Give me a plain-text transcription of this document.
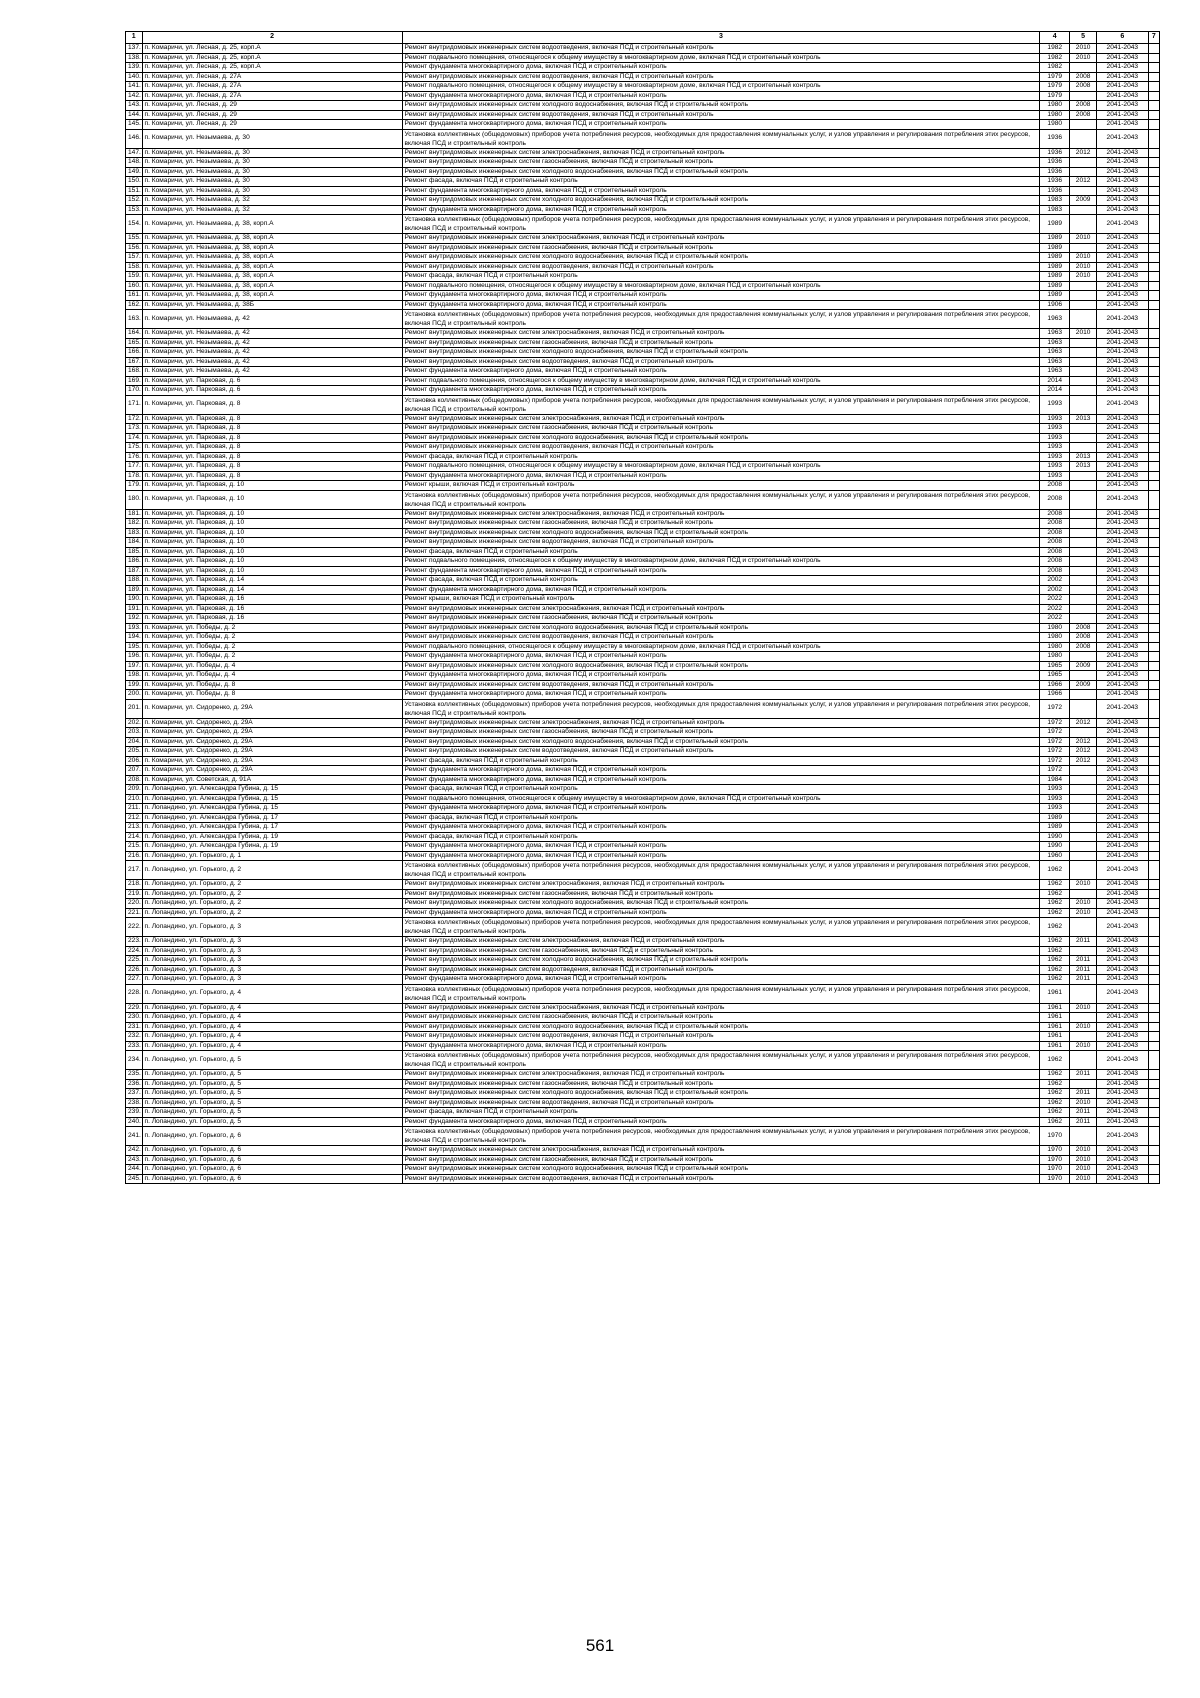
1	2	3	4	5	6	7
137.	п. Комаричи, ул. Лесная, д. 25, корп.А	Ремонт внутридомовых инженерных систем водоотведения, включая ПСД и строительный контроль	1982	2010	2041-2043	
138.	п. Комаричи, ул. Лесная, д. 25, корп.А	Ремонт подвального помещения, относящегося к общему имуществу в многоквартирном доме, включая ПСД и строительный контроль	1982	2010	2041-2043	
139.	п. Комаричи, ул. Лесная, д. 25, корп.А	Ремонт фундамента многоквартирного дома, включая ПСД и строительный контроль	1982		2041-2043	
140.	п. Комаричи, ул. Лесная, д. 27А	Ремонт внутридомовых инженерных систем водоотведения, включая ПСД и строительный контроль	1979	2008	2041-2043	
141.	п. Комаричи, ул. Лесная, д. 27А	Ремонт подвального помещения, относящегося к общему имуществу в многоквартирном доме, включая ПСД и строительный контроль	1979	2008	2041-2043	
142.	п. Комаричи, ул. Лесная, д. 27А	Ремонт фундамента многоквартирного дома, включая ПСД и строительный контроль	1979		2041-2043	
143.	п. Комаричи, ул. Лесная, д. 29	Ремонт внутридомовых инженерных систем холодного водоснабжения, включая ПСД и строительный контроль	1980	2008	2041-2043	
144.	п. Комаричи, ул. Лесная, д. 29	Ремонт внутридомовых инженерных систем водоотведения, включая ПСД и строительный контроль	1980	2008	2041-2043	
145.	п. Комаричи, ул. Лесная, д. 29	Ремонт фундамента многоквартирного дома, включая ПСД и строительный контроль	1980		2041-2043	
146.	п. Комаричи, ул. Незымаева, д. 30	Установка коллективных (общедомовых) приборов учета потребления ресурсов, необходимых для предоставления коммунальных услуг, и узлов управления и регулирования потребления этих ресурсов, включая ПСД и строительный контроль	1936		2041-2043	
147.	п. Комаричи, ул. Незымаева, д. 30	Ремонт внутридомовых инженерных систем электроснабжения, включая ПСД и строительный контроль	1936	2012	2041-2043	
148.	п. Комаричи, ул. Незымаева, д. 30	Ремонт внутридомовых инженерных систем газоснабжения, включая ПСД и строительный контроль	1936		2041-2043	
149.	п. Комаричи, ул. Незымаева, д. 30	Ремонт внутридомовых инженерных систем холодного водоснабжения, включая ПСД и строительный контроль	1936		2041-2043	
150.	п. Комаричи, ул. Незымаева, д. 30	Ремонт фасада, включая ПСД и строительный контроль	1936	2012	2041-2043	
151.	п. Комаричи, ул. Незымаева, д. 30	Ремонт фундамента многоквартирного дома, включая ПСД и строительный контроль	1936		2041-2043	
152.	п. Комаричи, ул. Незымаева, д. 32	Ремонт внутридомовых инженерных систем холодного водоснабжения, включая ПСД и строительный контроль	1983	2009	2041-2043	
153.	п. Комаричи, ул. Незымаева, д. 32	Ремонт фундамента многоквартирного дома, включая ПСД и строительный контроль	1983		2041-2043	
154.	п. Комаричи, ул. Незымаева, д. 38, корп.А	Установка коллективных (общедомовых) приборов учета потребления ресурсов, необходимых для предоставления коммунальных услуг, и узлов управления и регулирования потребления этих ресурсов, включая ПСД и строительный контроль	1989		2041-2043	
155.	п. Комаричи, ул. Незымаева, д. 38, корп.А	Ремонт внутридомовых инженерных систем электроснабжения, включая ПСД и строительный контроль	1989	2010	2041-2043	
156.	п. Комаричи, ул. Незымаева, д. 38, корп.А	Ремонт внутридомовых инженерных систем газоснабжения, включая ПСД и строительный контроль	1989		2041-2043	
157.	п. Комаричи, ул. Незымаева, д. 38, корп.А	Ремонт внутридомовых инженерных систем холодного водоснабжения, включая ПСД и строительный контроль	1989	2010	2041-2043	
158.	п. Комаричи, ул. Незымаева, д. 38, корп.А	Ремонт внутридомовых инженерных систем водоотведения, включая ПСД и строительный контроль	1989	2010	2041-2043	
159.	п. Комаричи, ул. Незымаева, д. 38, корп.А	Ремонт фасада, включая ПСД и строительный контроль	1989	2010	2041-2043	
160.	п. Комаричи, ул. Незымаева, д. 38, корп.А	Ремонт подвального помещения, относящегося к общему имуществу в многоквартирном доме, включая ПСД и строительный контроль	1989		2041-2043	
161.	п. Комаричи, ул. Незымаева, д. 38, корп.А	Ремонт фундамента многоквартирного дома, включая ПСД и строительный контроль	1989		2041-2043	
162.	п. Комаричи, ул. Незымаева, д. 38Б	Ремонт фундамента многоквартирного дома, включая ПСД и строительный контроль	1906		2041-2043	
163.	п. Комаричи, ул. Незымаева, д. 42	Установка коллективных (общедомовых) приборов учета потребления ресурсов, необходимых для предоставления коммунальных услуг, и узлов управления и регулирования потребления этих ресурсов, включая ПСД и строительный контроль	1963		2041-2043	
164.	п. Комаричи, ул. Незымаева, д. 42	Ремонт внутридомовых инженерных систем электроснабжения, включая ПСД и строительный контроль	1963	2010	2041-2043	
165.	п. Комаричи, ул. Незымаева, д. 42	Ремонт внутридомовых инженерных систем газоснабжения, включая ПСД и строительный контроль	1963		2041-2043	
166.	п. Комаричи, ул. Незымаева, д. 42	Ремонт внутридомовых инженерных систем холодного водоснабжения, включая ПСД и строительный контроль	1963		2041-2043	
167.	п. Комаричи, ул. Незымаева, д. 42	Ремонт внутридомовых инженерных систем водоотведения, включая ПСД и строительный контроль	1963		2041-2043	
168.	п. Комаричи, ул. Незымаева, д. 42	Ремонт фундамента многоквартирного дома, включая ПСД и строительный контроль	1963		2041-2043	
169.	п. Комаричи, ул. Парковая, д. 6	Ремонт подвального помещения, относящегося к общему имуществу в многоквартирном доме, включая ПСД и строительный контроль	2014		2041-2043	
170.	п. Комаричи, ул. Парковая, д. 6	Ремонт фундамента многоквартирного дома, включая ПСД и строительный контроль	2014		2041-2043	
171.	п. Комаричи, ул. Парковая, д. 8	Установка коллективных (общедомовых) приборов учета потребления ресурсов, необходимых для предоставления коммунальных услуг, и узлов управления и регулирования потребления этих ресурсов, включая ПСД и строительный контроль	1993		2041-2043	
172.	п. Комаричи, ул. Парковая, д. 8	Ремонт внутридомовых инженерных систем электроснабжения, включая ПСД и строительный контроль	1993	2013	2041-2043	
173.	п. Комаричи, ул. Парковая, д. 8	Ремонт внутридомовых инженерных систем газоснабжения, включая ПСД и строительный контроль	1993		2041-2043	
174.	п. Комаричи, ул. Парковая, д. 8	Ремонт внутридомовых инженерных систем холодного водоснабжения, включая ПСД и строительный контроль	1993		2041-2043	
175.	п. Комаричи, ул. Парковая, д. 8	Ремонт внутридомовых инженерных систем водоотведения, включая ПСД и строительный контроль	1993		2041-2043	
176.	п. Комаричи, ул. Парковая, д. 8	Ремонт фасада, включая ПСД и строительный контроль	1993	2013	2041-2043	
177.	п. Комаричи, ул. Парковая, д. 8	Ремонт подвального помещения, относящегося к общему имуществу в многоквартирном доме, включая ПСД и строительный контроль	1993	2013	2041-2043	
178.	п. Комаричи, ул. Парковая, д. 8	Ремонт фундамента многоквартирного дома, включая ПСД и строительный контроль	1993		2041-2043	
179.	п. Комаричи, ул. Парковая, д. 10	Ремонт крыши, включая ПСД и строительный контроль	2008		2041-2043	
180.	п. Комаричи, ул. Парковая, д. 10	Установка коллективных (общедомовых) приборов учета потребления ресурсов, необходимых для предоставления коммунальных услуг, и узлов управления и регулирования потребления этих ресурсов, включая ПСД и строительный контроль	2008		2041-2043	
181.	п. Комаричи, ул. Парковая, д. 10	Ремонт внутридомовых инженерных систем электроснабжения, включая ПСД и строительный контроль	2008		2041-2043	
182.	п. Комаричи, ул. Парковая, д. 10	Ремонт внутридомовых инженерных систем газоснабжения, включая ПСД и строительный контроль	2008		2041-2043	
183.	п. Комаричи, ул. Парковая, д. 10	Ремонт внутридомовых инженерных систем холодного водоснабжения, включая ПСД и строительный контроль	2008		2041-2043	
184.	п. Комаричи, ул. Парковая, д. 10	Ремонт внутридомовых инженерных систем водоотведения, включая ПСД и строительный контроль	2008		2041-2043	
185.	п. Комаричи, ул. Парковая, д. 10	Ремонт фасада, включая ПСД и строительный контроль	2008		2041-2043	
186.	п. Комаричи, ул. Парковая, д. 10	Ремонт подвального помещения, относящегося к общему имуществу в многоквартирном доме, включая ПСД и строительный контроль	2008		2041-2043	
187.	п. Комаричи, ул. Парковая, д. 10	Ремонт фундамента многоквартирного дома, включая ПСД и строительный контроль	2008		2041-2043	
188.	п. Комаричи, ул. Парковая, д. 14	Ремонт фасада, включая ПСД и строительный контроль	2002		2041-2043	
189.	п. Комаричи, ул. Парковая, д. 14	Ремонт фундамента многоквартирного дома, включая ПСД и строительный контроль	2002		2041-2043	
190.	п. Комаричи, ул. Парковая, д. 16	Ремонт крыши, включая ПСД и строительный контроль	2022		2041-2043	
191.	п. Комаричи, ул. Парковая, д. 16	Ремонт внутридомовых инженерных систем электроснабжения, включая ПСД и строительный контроль	2022		2041-2043	
192.	п. Комаричи, ул. Парковая, д. 16	Ремонт внутридомовых инженерных систем газоснабжения, включая ПСД и строительный контроль	2022		2041-2043	
193.	п. Комаричи, ул. Победы, д. 2	Ремонт внутридомовых инженерных систем холодного водоснабжения, включая ПСД и строительный контроль	1980	2008	2041-2043	
194.	п. Комаричи, ул. Победы, д. 2	Ремонт внутридомовых инженерных систем водоотведения, включая ПСД и строительный контроль	1980	2008	2041-2043	
195.	п. Комаричи, ул. Победы, д. 2	Ремонт подвального помещения, относящегося к общему имуществу в многоквартирном доме, включая ПСД и строительный контроль	1980	2008	2041-2043	
196.	п. Комаричи, ул. Победы, д. 2	Ремонт фундамента многоквартирного дома, включая ПСД и строительный контроль	1980		2041-2043	
197.	п. Комаричи, ул. Победы, д. 4	Ремонт внутридомовых инженерных систем холодного водоснабжения, включая ПСД и строительный контроль	1965	2009	2041-2043	
198.	п. Комаричи, ул. Победы, д. 4	Ремонт фундамента многоквартирного дома, включая ПСД и строительный контроль	1965		2041-2043	
199.	п. Комаричи, ул. Победы, д. 8	Ремонт внутридомовых инженерных систем водоотведения, включая ПСД и строительный контроль	1966	2009	2041-2043	
200.	п. Комаричи, ул. Победы, д. 8	Ремонт фундамента многоквартирного дома, включая ПСД и строительный контроль	1966		2041-2043	
201.	п. Комаричи, ул. Сидоренко, д. 29А	Установка коллективных (общедомовых) приборов учета потребления ресурсов, необходимых для предоставления коммунальных услуг, и узлов управления и регулирования потребления этих ресурсов, включая ПСД и строительный контроль	1972		2041-2043	
202.	п. Комаричи, ул. Сидоренко, д. 29А	Ремонт внутридомовых инженерных систем электроснабжения, включая ПСД и строительный контроль	1972	2012	2041-2043	
203.	п. Комаричи, ул. Сидоренко, д. 29А	Ремонт внутридомовых инженерных систем газоснабжения, включая ПСД и строительный контроль	1972		2041-2043	
204.	п. Комаричи, ул. Сидоренко, д. 29А	Ремонт внутридомовых инженерных систем холодного водоснабжения, включая ПСД и строительный контроль	1972	2012	2041-2043	
205.	п. Комаричи, ул. Сидоренко, д. 29А	Ремонт внутридомовых инженерных систем водоотведения, включая ПСД и строительный контроль	1972	2012	2041-2043	
206.	п. Комаричи, ул. Сидоренко, д. 29А	Ремонт фасада, включая ПСД и строительный контроль	1972	2012	2041-2043	
207.	п. Комаричи, ул. Сидоренко, д. 29А	Ремонт фундамента многоквартирного дома, включая ПСД и строительный контроль	1972		2041-2043	
208.	п. Комаричи, ул. Советская, д. 91А	Ремонт фундамента многоквартирного дома, включая ПСД и строительный контроль	1984		2041-2043	
209.	п. Лопандино, ул. Александра Губина, д. 15	Ремонт фасада, включая ПСД и строительный контроль	1993		2041-2043	
210.	п. Лопандино, ул. Александра Губина, д. 15	Ремонт подвального помещения, относящегося к общему имуществу в многоквартирном доме, включая ПСД и строительный контроль	1993		2041-2043	
211.	п. Лопандино, ул. Александра Губина, д. 15	Ремонт фундамента многоквартирного дома, включая ПСД и строительный контроль	1993		2041-2043	
212.	п. Лопандино, ул. Александра Губина, д. 17	Ремонт фасада, включая ПСД и строительный контроль	1989		2041-2043	
213.	п. Лопандино, ул. Александра Губина, д. 17	Ремонт фундамента многоквартирного дома, включая ПСД и строительный контроль	1989		2041-2043	
214.	п. Лопандино, ул. Александра Губина, д. 19	Ремонт фасада, включая ПСД и строительный контроль	1990		2041-2043	
215.	п. Лопандино, ул. Александра Губина, д. 19	Ремонт фундамента многоквартирного дома, включая ПСД и строительный контроль	1990		2041-2043	
216.	п. Лопандино, ул. Горького, д. 1	Ремонт фундамента многоквартирного дома, включая ПСД и строительный контроль	1960		2041-2043	
217.	п. Лопандино, ул. Горького, д. 2	Установка коллективных (общедомовых) приборов учета потребления ресурсов, необходимых для предоставления коммунальных услуг, и узлов управления и регулирования потребления этих ресурсов, включая ПСД и строительный контроль	1962		2041-2043	
218.	п. Лопандино, ул. Горького, д. 2	Ремонт внутридомовых инженерных систем электроснабжения, включая ПСД и строительный контроль	1962	2010	2041-2043	
219.	п. Лопандино, ул. Горького, д. 2	Ремонт внутридомовых инженерных систем газоснабжения, включая ПСД и строительный контроль	1962		2041-2043	
220.	п. Лопандино, ул. Горького, д. 2	Ремонт внутридомовых инженерных систем холодного водоснабжения, включая ПСД и строительный контроль	1962	2010	2041-2043	
221.	п. Лопандино, ул. Горького, д. 2	Ремонт фундамента многоквартирного дома, включая ПСД и строительный контроль	1962	2010	2041-2043	
222.	п. Лопандино, ул. Горького, д. 3	Установка коллективных (общедомовых) приборов учета потребления ресурсов, необходимых для предоставления коммунальных услуг, и узлов управления и регулирования потребления этих ресурсов, включая ПСД и строительный контроль	1962		2041-2043	
223.	п. Лопандино, ул. Горького, д. 3	Ремонт внутридомовых инженерных систем электроснабжения, включая ПСД и строительный контроль	1962	2011	2041-2043	
224.	п. Лопандино, ул. Горького, д. 3	Ремонт внутридомовых инженерных систем газоснабжения, включая ПСД и строительный контроль	1962		2041-2043	
225.	п. Лопандино, ул. Горького, д. 3	Ремонт внутридомовых инженерных систем холодного водоснабжения, включая ПСД и строительный контроль	1962	2011	2041-2043	
226.	п. Лопандино, ул. Горького, д. 3	Ремонт внутридомовых инженерных систем водоотведения, включая ПСД и строительный контроль	1962	2011	2041-2043	
227.	п. Лопандино, ул. Горького, д. 3	Ремонт фундамента многоквартирного дома, включая ПСД и строительный контроль	1962	2011	2041-2043	
228.	п. Лопандино, ул. Горького, д. 4	Установка коллективных (общедомовых) приборов учета потребления ресурсов, необходимых для предоставления коммунальных услуг, и узлов управления и регулирования потребления этих ресурсов, включая ПСД и строительный контроль	1961		2041-2043	
229.	п. Лопандино, ул. Горького, д. 4	Ремонт внутридомовых инженерных систем электроснабжения, включая ПСД и строительный контроль	1961	2010	2041-2043	
230.	п. Лопандино, ул. Горького, д. 4	Ремонт внутридомовых инженерных систем газоснабжения, включая ПСД и строительный контроль	1961		2041-2043	
231.	п. Лопандино, ул. Горького, д. 4	Ремонт внутридомовых инженерных систем холодного водоснабжения, включая ПСД и строительный контроль	1961	2010	2041-2043	
232.	п. Лопандино, ул. Горького, д. 4	Ремонт внутридомовых инженерных систем водоотведения, включая ПСД и строительный контроль	1961		2041-2043	
233.	п. Лопандино, ул. Горького, д. 4	Ремонт фундамента многоквартирного дома, включая ПСД и строительный контроль	1961	2010	2041-2043	
234.	п. Лопандино, ул. Горького, д. 5	Установка коллективных (общедомовых) приборов учета потребления ресурсов, необходимых для предоставления коммунальных услуг, и узлов управления и регулирования потребления этих ресурсов, включая ПСД и строительный контроль	1962		2041-2043	
235.	п. Лопандино, ул. Горького, д. 5	Ремонт внутридомовых инженерных систем электроснабжения, включая ПСД и строительный контроль	1962	2011	2041-2043	
236.	п. Лопандино, ул. Горького, д. 5	Ремонт внутридомовых инженерных систем газоснабжения, включая ПСД и строительный контроль	1962		2041-2043	
237.	п. Лопандино, ул. Горького, д. 5	Ремонт внутридомовых инженерных систем холодного водоснабжения, включая ПСД и строительный контроль	1962	2011	2041-2043	
238.	п. Лопандино, ул. Горького, д. 5	Ремонт внутридомовых инженерных систем водоотведения, включая ПСД и строительный контроль	1962	2010	2041-2043	
239.	п. Лопандино, ул. Горького, д. 5	Ремонт фасада, включая ПСД и строительный контроль	1962	2011	2041-2043	
240.	п. Лопандино, ул. Горького, д. 5	Ремонт фундамента многоквартирного дома, включая ПСД и строительный контроль	1962	2011	2041-2043	
241.	п. Лопандино, ул. Горького, д. 6	Установка коллективных (общедомовых) приборов учета потребления ресурсов, необходимых для предоставления коммунальных услуг, и узлов управления и регулирования потребления этих ресурсов, включая ПСД и строительный контроль	1970		2041-2043	
242.	п. Лопандино, ул. Горького, д. 6	Ремонт внутридомовых инженерных систем электроснабжения, включая ПСД и строительный контроль	1970	2010	2041-2043	
243.	п. Лопандино, ул. Горького, д. 6	Ремонт внутридомовых инженерных систем газоснабжения, включая ПСД и строительный контроль	1970	2010	2041-2043	
244.	п. Лопандино, ул. Горького, д. 6	Ремонт внутридомовых инженерных систем холодного водоснабжения, включая ПСД и строительный контроль	1970	2010	2041-2043	
245.	п. Лопандино, ул. Горького, д. 6	Ремонт внутридомовых инженерных систем водоотведения, включая ПСД и строительный контроль	1970	2010	2041-2043	
561
